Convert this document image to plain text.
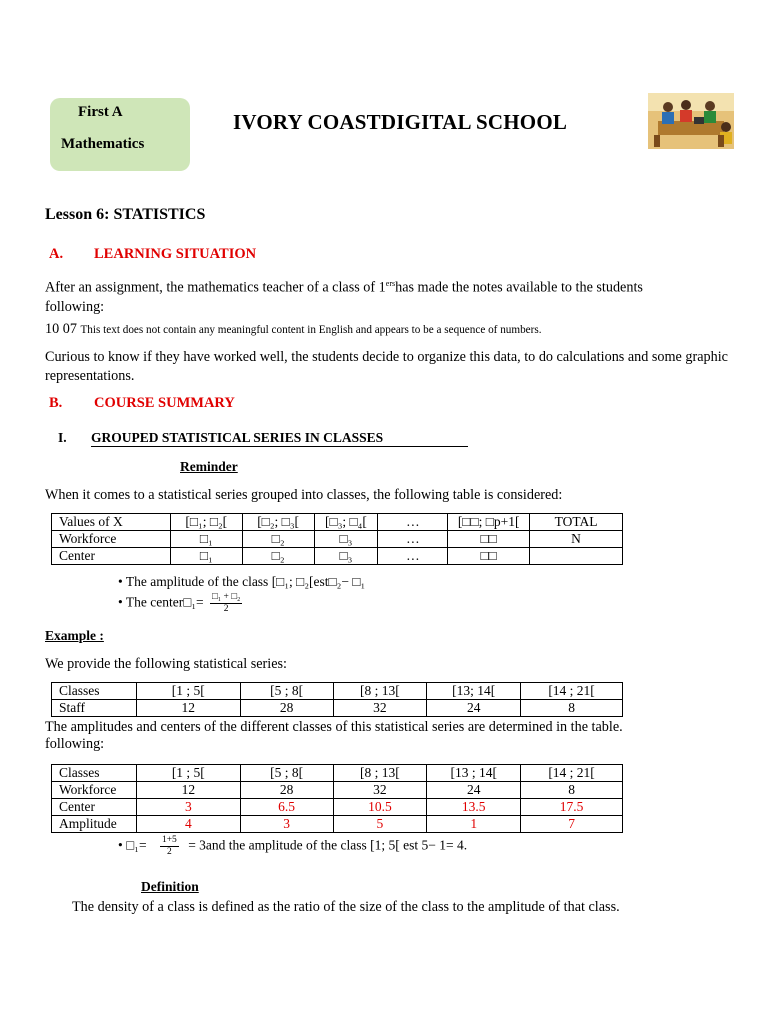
First A
Mathematics
IVORY COASTDIGITAL SCHOOL
Lesson 6: STATISTICS
A. LEARNING SITUATION
After an assignment, the mathematics teacher of a class of 1ershas made the notes available to the students
following:
10 07 This text does not contain any meaningful content in English and appears to be a sequence of numbers.
Curious to know if they have worked well, the students decide to organize this data, to do calculations and some graphic representations.
B. COURSE SUMMARY
I. GROUPED STATISTICAL SERIES IN CLASSES
Reminder
When it comes to a statistical series grouped into classes, the following table is considered:
Values of X	[□₁; □₂[	[□₂; □₃[	[□₃; □₄[	…	[□□; □p+1[	TOTAL
Workforce	□₁	□₂	□₃	…	□□	N
Center	□₁	□₂	□₃	…	□□	
• The amplitude of the class [□₁; □₂[est□₂− □₁
• The center□₁= $\frac{\text{□₁ + □₂}}{2}$
Example :
We provide the following statistical series:
Classes	[1 ; 5[	[5 ; 8[	[8 ; 13[	[13; 14[	[14 ; 21[
Staff	12	28	32	24	8
The amplitudes and centers of the different classes of this statistical series are determined in the table.
following:
Classes	[1 ; 5[	[5 ; 8[	[8 ; 13[	[13 ; 14[	[14 ; 21[
Workforce	12	28	32	24	8
Center	3	6.5	10.5	13.5	17.5
Amplitude	4	3	5	1	7
• □₁= $\frac{1+5}{2} = 3and$ the amplitude of the class [1; 5[ est 5− 1= 4.
Definition
The density of a class is defined as the ratio of the size of the class to the amplitude of that class.
